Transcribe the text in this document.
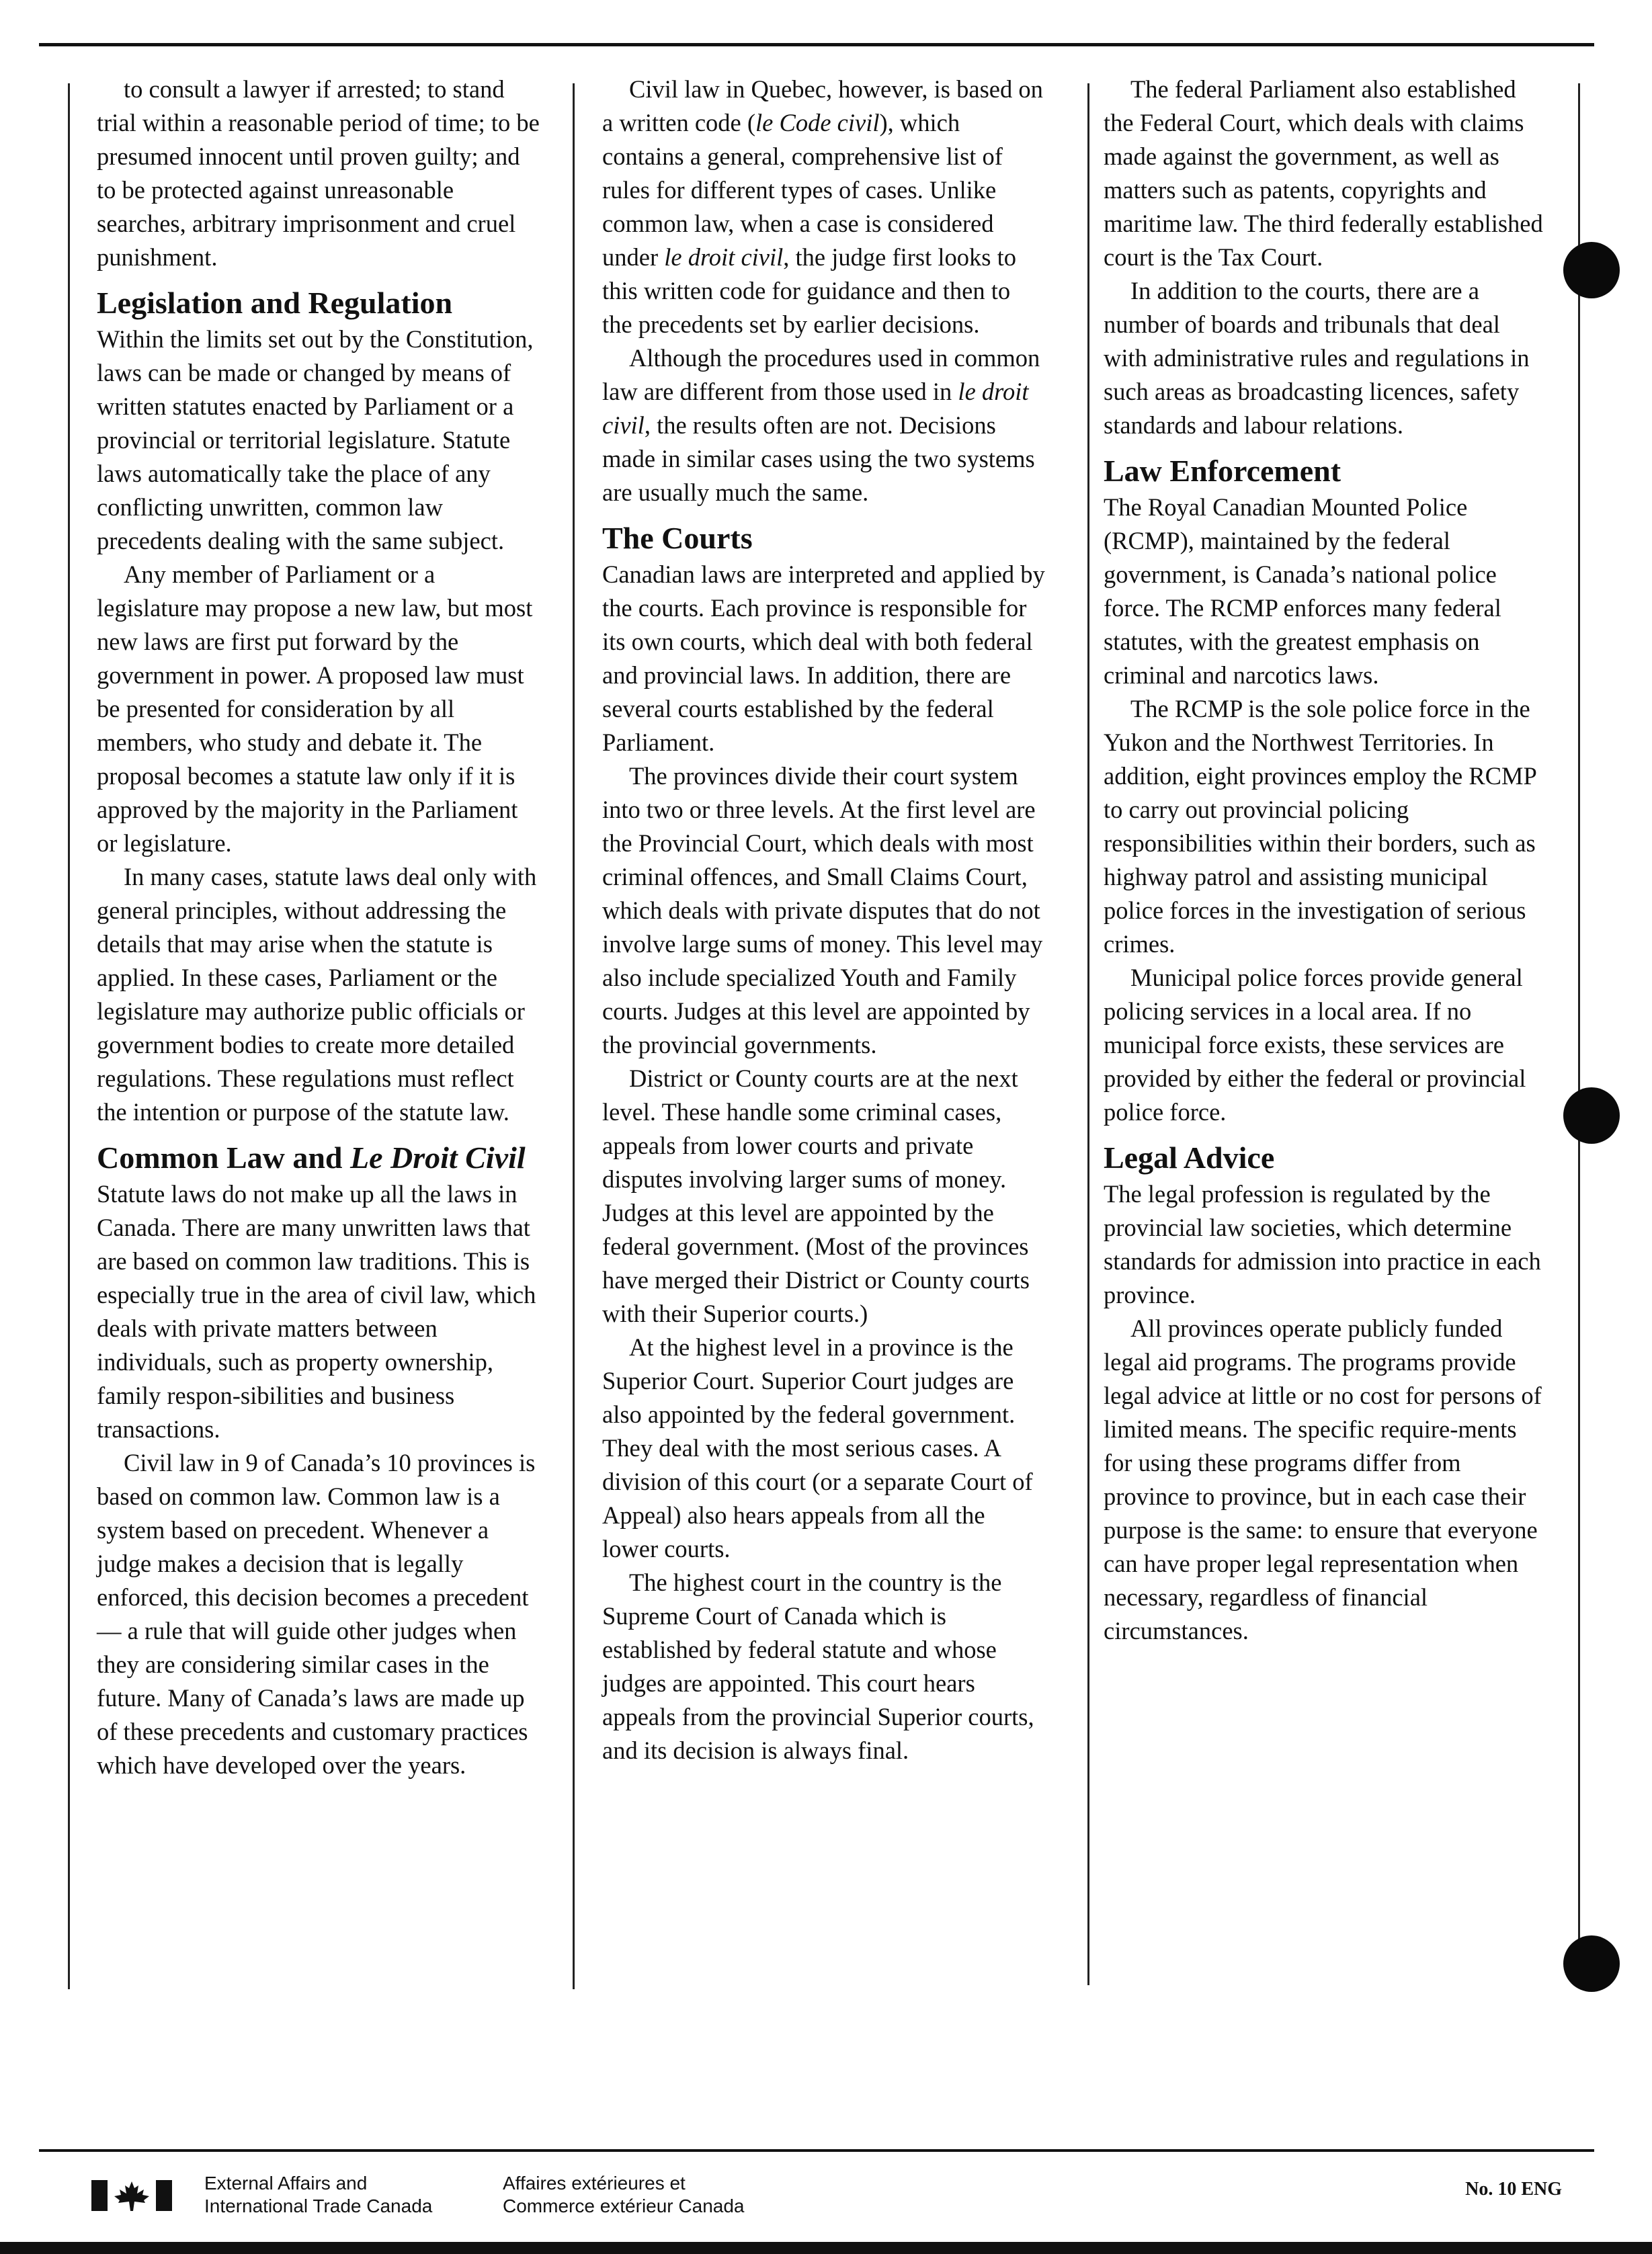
to consult a lawyer if arrested; to stand trial within a reasonable period of time; to be presumed innocent until proven guilty; and to be protected against unreasonable searches, arbitrary imprisonment and cruel punishment.

Legislation and Regulation

Within the limits set out by the Constitution, laws can be made or changed by means of written statutes enacted by Parliament or a provincial or territorial legislature. Statute laws automatically take the place of any conflicting unwritten, common law precedents dealing with the same subject.

Any member of Parliament or a legislature may propose a new law, but most new laws are first put forward by the government in power. A proposed law must be presented for consideration by all members, who study and debate it. The proposal becomes a statute law only if it is approved by the majority in the Parliament or legislature.

In many cases, statute laws deal only with general principles, without addressing the details that may arise when the statute is applied. In these cases, Parliament or the legislature may authorize public officials or government bodies to create more detailed regulations. These regulations must reflect the intention or purpose of the statute law.

Common Law and Le Droit Civil

Statute laws do not make up all the laws in Canada. There are many unwritten laws that are based on common law traditions. This is especially true in the area of civil law, which deals with private matters between individuals, such as property ownership, family respon-sibilities and business transactions.

Civil law in 9 of Canada’s 10 provinces is based on common law. Common law is a system based on precedent. Whenever a judge makes a decision that is legally enforced, this decision becomes a precedent — a rule that will guide other judges when they are considering similar cases in the future. Many of Canada’s laws are made up of these precedents and customary practices which have developed over the years.

Civil law in Quebec, however, is based on a written code (le Code civil), which contains a general, comprehensive list of rules for different types of cases. Unlike common law, when a case is considered under le droit civil, the judge first looks to this written code for guidance and then to the precedents set by earlier decisions.

Although the procedures used in common law are different from those used in le droit civil, the results often are not. Decisions made in similar cases using the two systems are usually much the same.

The Courts

Canadian laws are interpreted and applied by the courts. Each province is responsible for its own courts, which deal with both federal and provincial laws. In addition, there are several courts established by the federal Parliament.

The provinces divide their court system into two or three levels. At the first level are the Provincial Court, which deals with most criminal offences, and Small Claims Court, which deals with private disputes that do not involve large sums of money. This level may also include specialized Youth and Family courts. Judges at this level are appointed by the provincial governments.

District or County courts are at the next level. These handle some criminal cases, appeals from lower courts and private disputes involving larger sums of money. Judges at this level are appointed by the federal government. (Most of the provinces have merged their District or County courts with their Superior courts.)

At the highest level in a province is the Superior Court. Superior Court judges are also appointed by the federal government. They deal with the most serious cases. A division of this court (or a separate Court of Appeal) also hears appeals from all the lower courts.

The highest court in the country is the Supreme Court of Canada which is established by federal statute and whose judges are appointed. This court hears appeals from the provincial Superior courts, and its decision is always final.

The federal Parliament also established the Federal Court, which deals with claims made against the government, as well as matters such as patents, copyrights and maritime law. The third federally established court is the Tax Court.

In addition to the courts, there are a number of boards and tribunals that deal with administrative rules and regulations in such areas as broadcasting licences, safety standards and labour relations.

Law Enforcement

The Royal Canadian Mounted Police (RCMP), maintained by the federal government, is Canada’s national police force. The RCMP enforces many federal statutes, with the greatest emphasis on criminal and narcotics laws.

The RCMP is the sole police force in the Yukon and the Northwest Territories. In addition, eight provinces employ the RCMP to carry out provincial policing responsibilities within their borders, such as highway patrol and assisting municipal police forces in the investigation of serious crimes.

Municipal police forces provide general policing services in a local area. If no municipal force exists, these services are provided by either the federal or provincial police force.

Legal Advice

The legal profession is regulated by the provincial law societies, which determine standards for admission into practice in each province.

All provinces operate publicly funded legal aid programs. The programs provide legal advice at little or no cost for persons of limited means. The specific require-ments for using these programs differ from province to province, but in each case their purpose is the same: to ensure that everyone can have proper legal representation when necessary, regardless of financial circumstances.

External Affairs and
International Trade Canada
Affaires extérieures et
Commerce extérieur Canada
No. 10 ENG
